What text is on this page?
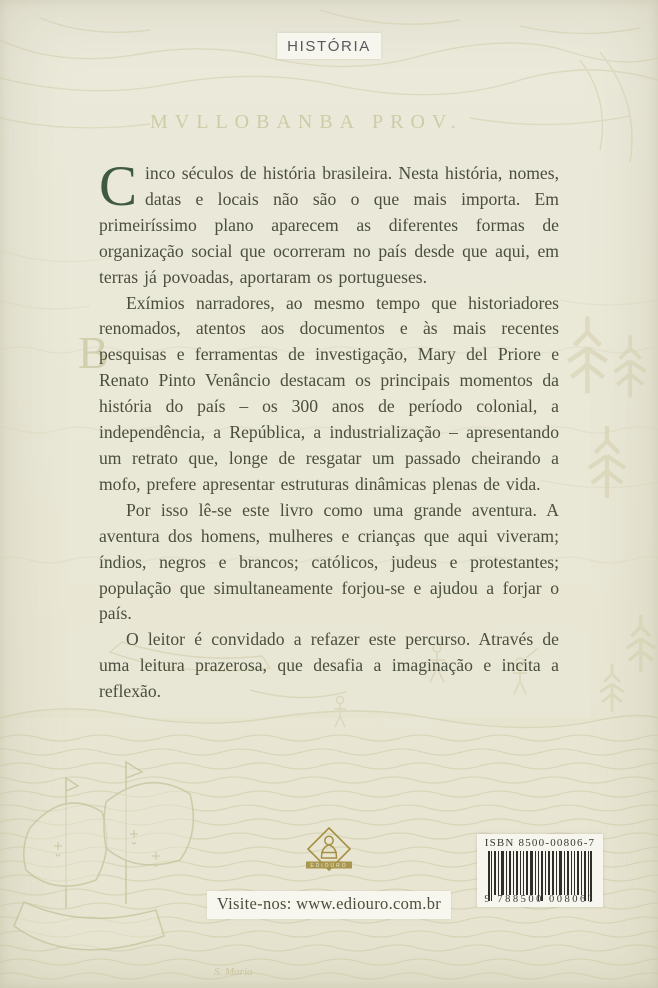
MVLLOBANBA PROV.
B
S. Maria
HISTÓRIA

Cinco séculos de história brasileira. Nesta história, nomes, datas e locais não são o que mais importa. Em primeiríssimo plano aparecem as diferentes formas de organização social que ocorreram no país desde que aqui, em terras já povoadas, aportaram os portugueses.

Exímios narradores, ao mesmo tempo que historiadores renomados, atentos aos documentos e às mais recentes pesquisas e ferramentas de investigação, Mary del Priore e Renato Pinto Venâncio destacam os principais momentos da história do país – os 300 anos de período colonial, a independência, a República, a industrialização – apresentando um retrato que, longe de resgatar um passado cheirando a mofo, prefere apresentar estruturas dinâmicas plenas de vida.

Por isso lê-se este livro como uma grande aventura. A aventura dos homens, mulheres e crianças que aqui viveram; índios, negros e brancos; católicos, judeus e protestantes; população que simultaneamente forjou-se e ajudou a forjar o país.

O leitor é convidado a refazer este percurso. Através de uma leitura prazerosa, que desafia a imaginação e incita a reflexão.

EDIOURO
Visite-nos: www.ediouro.com.br
ISBN 8500-00806-7
9 788500 008061
